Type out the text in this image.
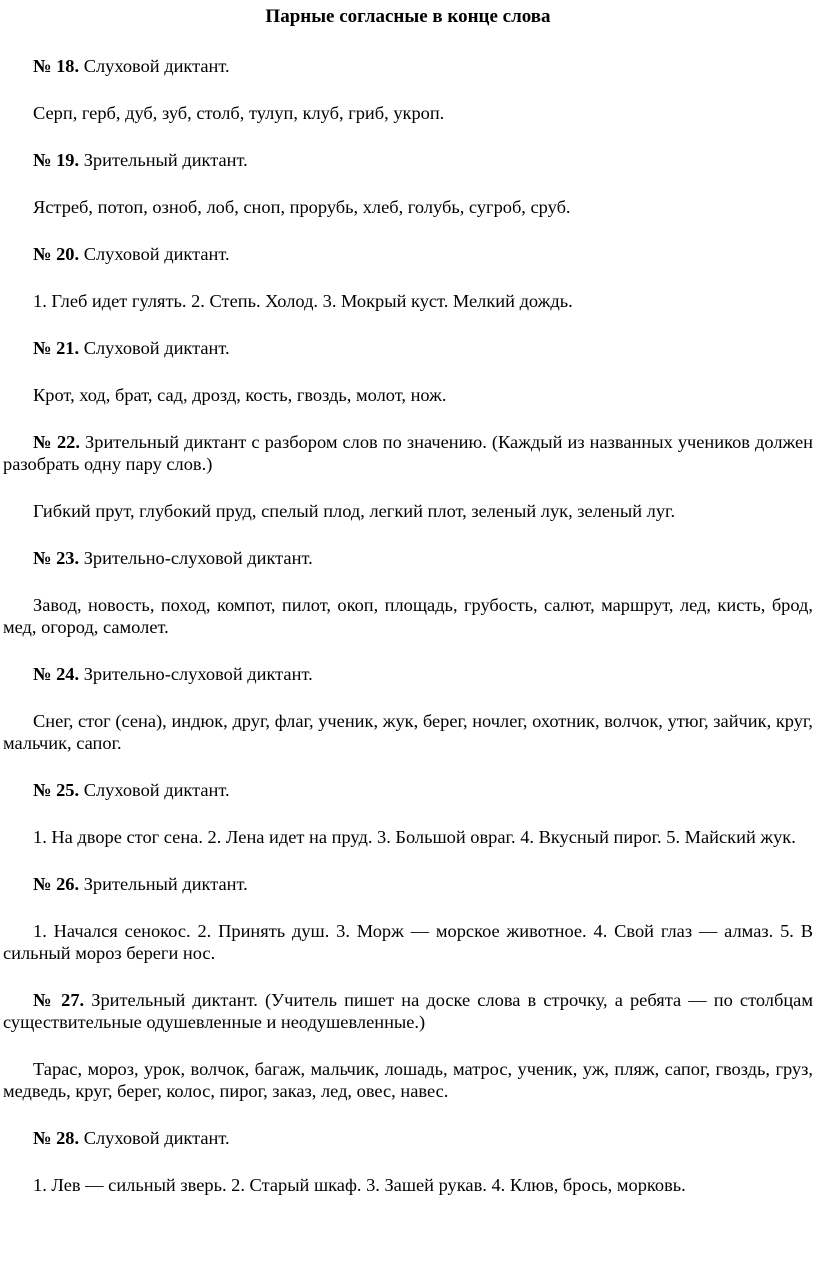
Парные согласные в конце слова

№ 18. Слуховой диктант.

Серп, герб, дуб, зуб, столб, тулуп, клуб, гриб, укроп.

№ 19. Зрительный диктант.

Ястреб, потоп, озноб, лоб, сноп, прорубь, хлеб, голубь, сугроб, сруб.

№ 20. Слуховой диктант.

1. Глеб идет гулять. 2. Степь. Холод. 3. Мокрый куст. Мелкий дождь.

№ 21. Слуховой диктант.

Крот, ход, брат, сад, дрозд, кость, гвоздь, молот, нож.

№ 22. Зрительный диктант с разбором слов по значению. (Каждый из названных учеников должен разобрать одну пару слов.)

Гибкий прут, глубокий пруд, спелый плод, легкий плот, зеленый лук, зеленый луг.

№ 23. Зрительно-слуховой диктант.

Завод, новость, поход, компот, пилот, окоп, площадь, грубость, салют, маршрут, лед, кисть, брод, мед, огород, самолет.

№ 24. Зрительно-слуховой диктант.

Снег, стог (сена), индюк, друг, флаг, ученик, жук, берег, ночлег, охотник, волчок, утюг, зайчик, круг, мальчик, сапог.

№ 25. Слуховой диктант.

1. На дворе стог сена. 2. Лена идет на пруд. 3. Большой овраг. 4. Вкусный пирог. 5. Майский жук.

№ 26. Зрительный диктант.

1. Начался сенокос. 2. Принять душ. 3. Морж — морское животное. 4. Свой глаз — алмаз. 5. В сильный мороз береги нос.

№ 27. Зрительный диктант. (Учитель пишет на доске слова в строчку, а ребята — по столбцам существительные одушевленные и неодушевленные.)

Тарас, мороз, урок, волчок, багаж, мальчик, лошадь, матрос, ученик, уж, пляж, сапог, гвоздь, груз, медведь, круг, берег, колос, пирог, заказ, лед, овес, навес.

№ 28. Слуховой диктант.

1. Лев — сильный зверь. 2. Старый шкаф. 3. Зашей рукав. 4. Клюв, брось, морковь.
